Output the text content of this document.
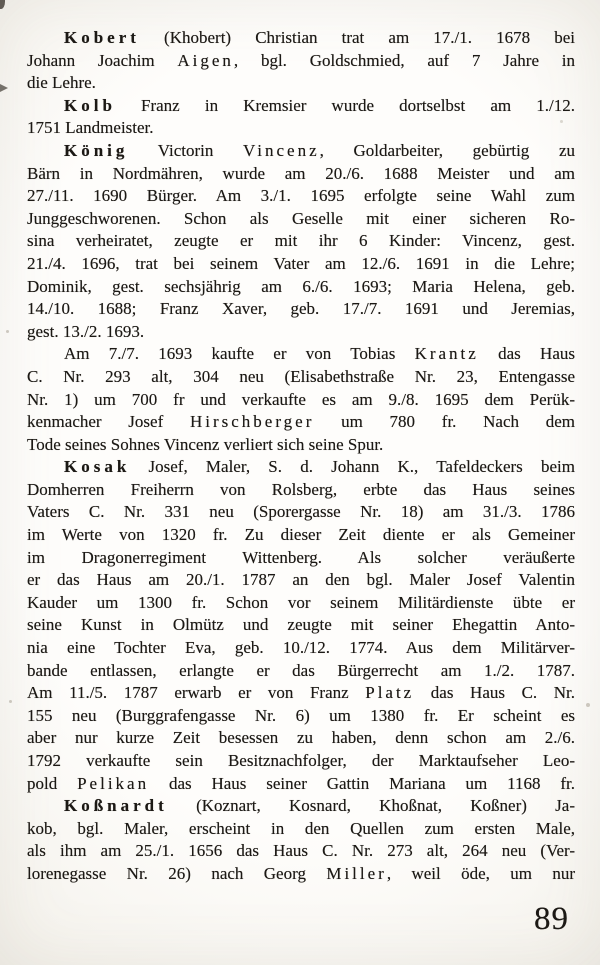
Kobert (Khobert) Christian trat am 17./1. 1678 bei
Johann Joachim Aigen, bgl. Goldschmied, auf 7 Jahre in
die Lehre.
Kolb Franz in Kremsier wurde dortselbst am 1./12.
1751 Landmeister.
König Victorin Vincenz, Goldarbeiter, gebürtig zu
Bärn in Nordmähren, wurde am 20./6. 1688 Meister und am
27./11. 1690 Bürger. Am 3./1. 1695 erfolgte seine Wahl zum
Junggeschworenen. Schon als Geselle mit einer sicheren Ro-
sina verheiratet, zeugte er mit ihr 6 Kinder: Vincenz, gest.
21./4. 1696, trat bei seinem Vater am 12./6. 1691 in die Lehre;
Dominik, gest. sechsjährig am 6./6. 1693; Maria Helena, geb.
14./10. 1688; Franz Xaver, geb. 17./7. 1691 und Jeremias,
gest. 13./2. 1693.
Am 7./7. 1693 kaufte er von Tobias Krantz das Haus
C. Nr. 293 alt, 304 neu (Elisabethstraße Nr. 23, Entengasse
Nr. 1) um 700 fr und verkaufte es am 9./8. 1695 dem Perük-
kenmacher Josef Hirschberger um 780 fr. Nach dem
Tode seines Sohnes Vincenz verliert sich seine Spur.
Kosak Josef, Maler, S. d. Johann K., Tafeldeckers beim
Domherren Freiherrn von Rolsberg, erbte das Haus seines
Vaters C. Nr. 331 neu (Sporergasse Nr. 18) am 31./3. 1786
im Werte von 1320 fr. Zu dieser Zeit diente er als Gemeiner
im Dragonerregiment Wittenberg. Als solcher veräußerte
er das Haus am 20./1. 1787 an den bgl. Maler Josef Valentin
Kauder um 1300 fr. Schon vor seinem Militärdienste übte er
seine Kunst in Olmütz und zeugte mit seiner Ehegattin Anto-
nia eine Tochter Eva, geb. 10./12. 1774. Aus dem Militärver-
bande entlassen, erlangte er das Bürgerrecht am 1./2. 1787.
Am 11./5. 1787 erwarb er von Franz Platz das Haus C. Nr.
155 neu (Burggrafengasse Nr. 6) um 1380 fr. Er scheint es
aber nur kurze Zeit besessen zu haben, denn schon am 2./6.
1792 verkaufte sein Besitznachfolger, der Marktaufseher Leo-
pold Pelikan das Haus seiner Gattin Mariana um 1168 fr.
Koßnardt (Koznart, Kosnard, Khoßnat, Koßner) Ja-
kob, bgl. Maler, erscheint in den Quellen zum ersten Male,
als ihm am 25./1. 1656 das Haus C. Nr. 273 alt, 264 neu (Ver-
lorenegasse Nr. 26) nach Georg Miller, weil öde, um nur
89
